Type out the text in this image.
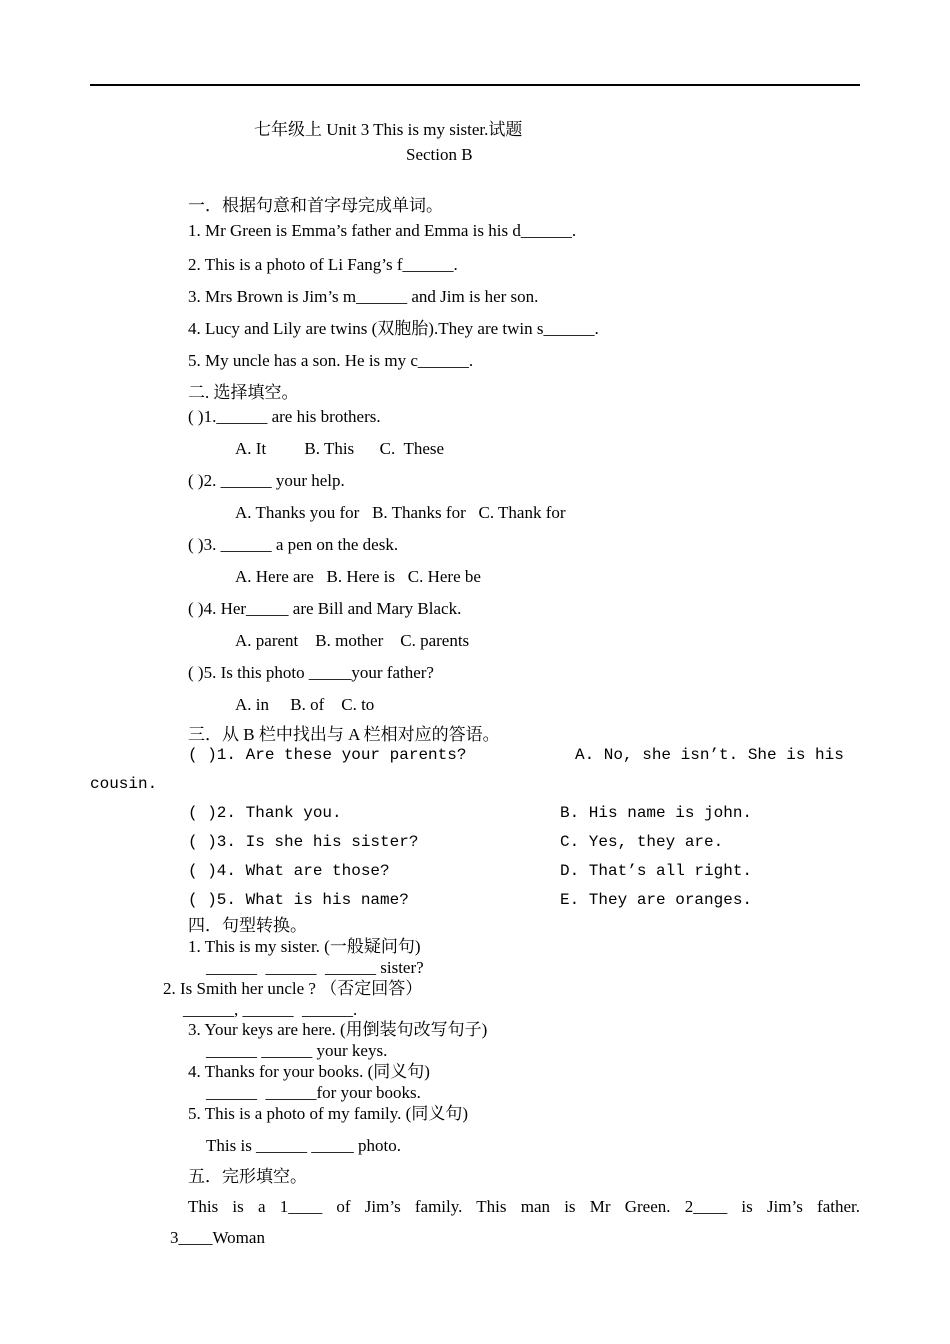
七年级上 Unit 3 This is my sister.试题
Section B
一．根据句意和首字母完成单词。
1. Mr Green is Emma’s father and Emma is his d______.
2. This is a photo of Li Fang’s f______.
3. Mrs Brown is Jim’s m______ and Jim is her son.
4. Lucy and Lily are twins (双胞胎).They are twin s______.
5. My uncle has a son. He is my c______.
二. 选择填空。
( )1.______ are his brothers.
A. It         B. This      C.  These
( )2. ______ your help.
A. Thanks you for   B. Thanks for   C. Thank for
( )3. ______ a pen on the desk.
A. Here are   B. Here is   C. Here be
( )4. Her_____ are Bill and Mary Black.
A. parent    B. mother    C. parents
( )5. Is this photo _____your father?
A. in     B. of    C. to
三．从 B 栏中找出与 A 栏相对应的答语。
( )1. Are these your parents?	A. No, she isn’t. She is his
cousin.
( )2. Thank you.	B. His name is john.
( )3. Is she his sister?	C. Yes, they are.
( )4. What are those?	D. That’s all right.
( )5. What is his name?	E. They are oranges.
四．句型转换。
1. This is my sister. (一般疑问句)
______  ______  ______ sister?
2. Is Smith her uncle ? （否定回答）
______, ______  ______.
3. Your keys are here. (用倒装句改写句子)
______ ______ your keys.
4. Thanks for your books. (同义句)
______  ______for your books.
5. This is a photo of my family. (同义句)
This is ______ _____ photo.
五．完形填空。
This is a 1____ of Jim’s family. This man is Mr Green. 2____ is Jim’s father.
3____Woman
